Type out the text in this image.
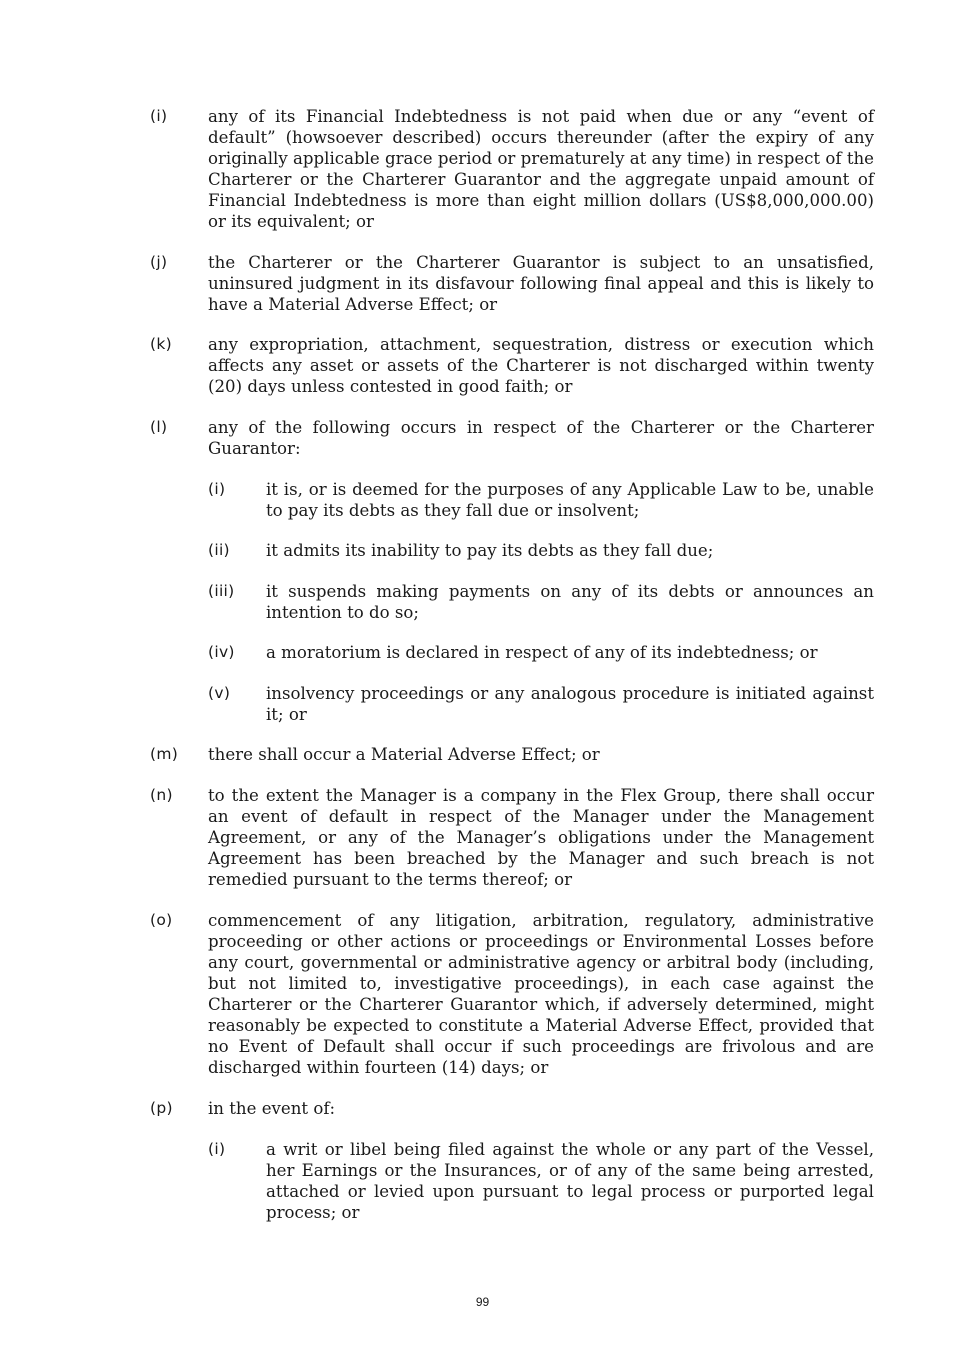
(i) any of its Financial Indebtedness is not paid when due or any “event of default” (howsoever described) occurs thereunder (after the expiry of any originally applicable grace period or prematurely at any time) in respect of the Charterer or the Charterer Guarantor and the aggregate unpaid amount of Financial Indebtedness is more than eight million dollars (US$8,000,000.00) or its equivalent; or
(j) the Charterer or the Charterer Guarantor is subject to an unsatisfied, uninsured judgment in its disfavour following final appeal and this is likely to have a Material Adverse Effect; or
(k) any expropriation, attachment, sequestration, distress or execution which affects any asset or assets of the Charterer is not discharged within twenty (20) days unless contested in good faith; or
(l) any of the following occurs in respect of the Charterer or the Charterer Guarantor:
(i) it is, or is deemed for the purposes of any Applicable Law to be, unable to pay its debts as they fall due or insolvent;
(ii) it admits its inability to pay its debts as they fall due;
(iii) it suspends making payments on any of its debts or announces an intention to do so;
(iv) a moratorium is declared in respect of any of its indebtedness; or
(v) insolvency proceedings or any analogous procedure is initiated against it; or
(m) there shall occur a Material Adverse Effect; or
(n) to the extent the Manager is a company in the Flex Group, there shall occur an event of default in respect of the Manager under the Management Agreement, or any of the Manager’s obligations under the Management Agreement has been breached by the Manager and such breach is not remedied pursuant to the terms thereof; or
(o) commencement of any litigation, arbitration, regulatory, administrative proceeding or other actions or proceedings or Environmental Losses before any court, governmental or administrative agency or arbitral body (including, but not limited to, investigative proceedings), in each case against the Charterer or the Charterer Guarantor which, if adversely determined, might reasonably be expected to constitute a Material Adverse Effect, provided that no Event of Default shall occur if such proceedings are frivolous and are discharged within fourteen (14) days; or
(p) in the event of:
(i) a writ or libel being filed against the whole or any part of the Vessel, her Earnings or the Insurances, or of any of the same being arrested, attached or levied upon pursuant to legal process or purported legal process; or
99
